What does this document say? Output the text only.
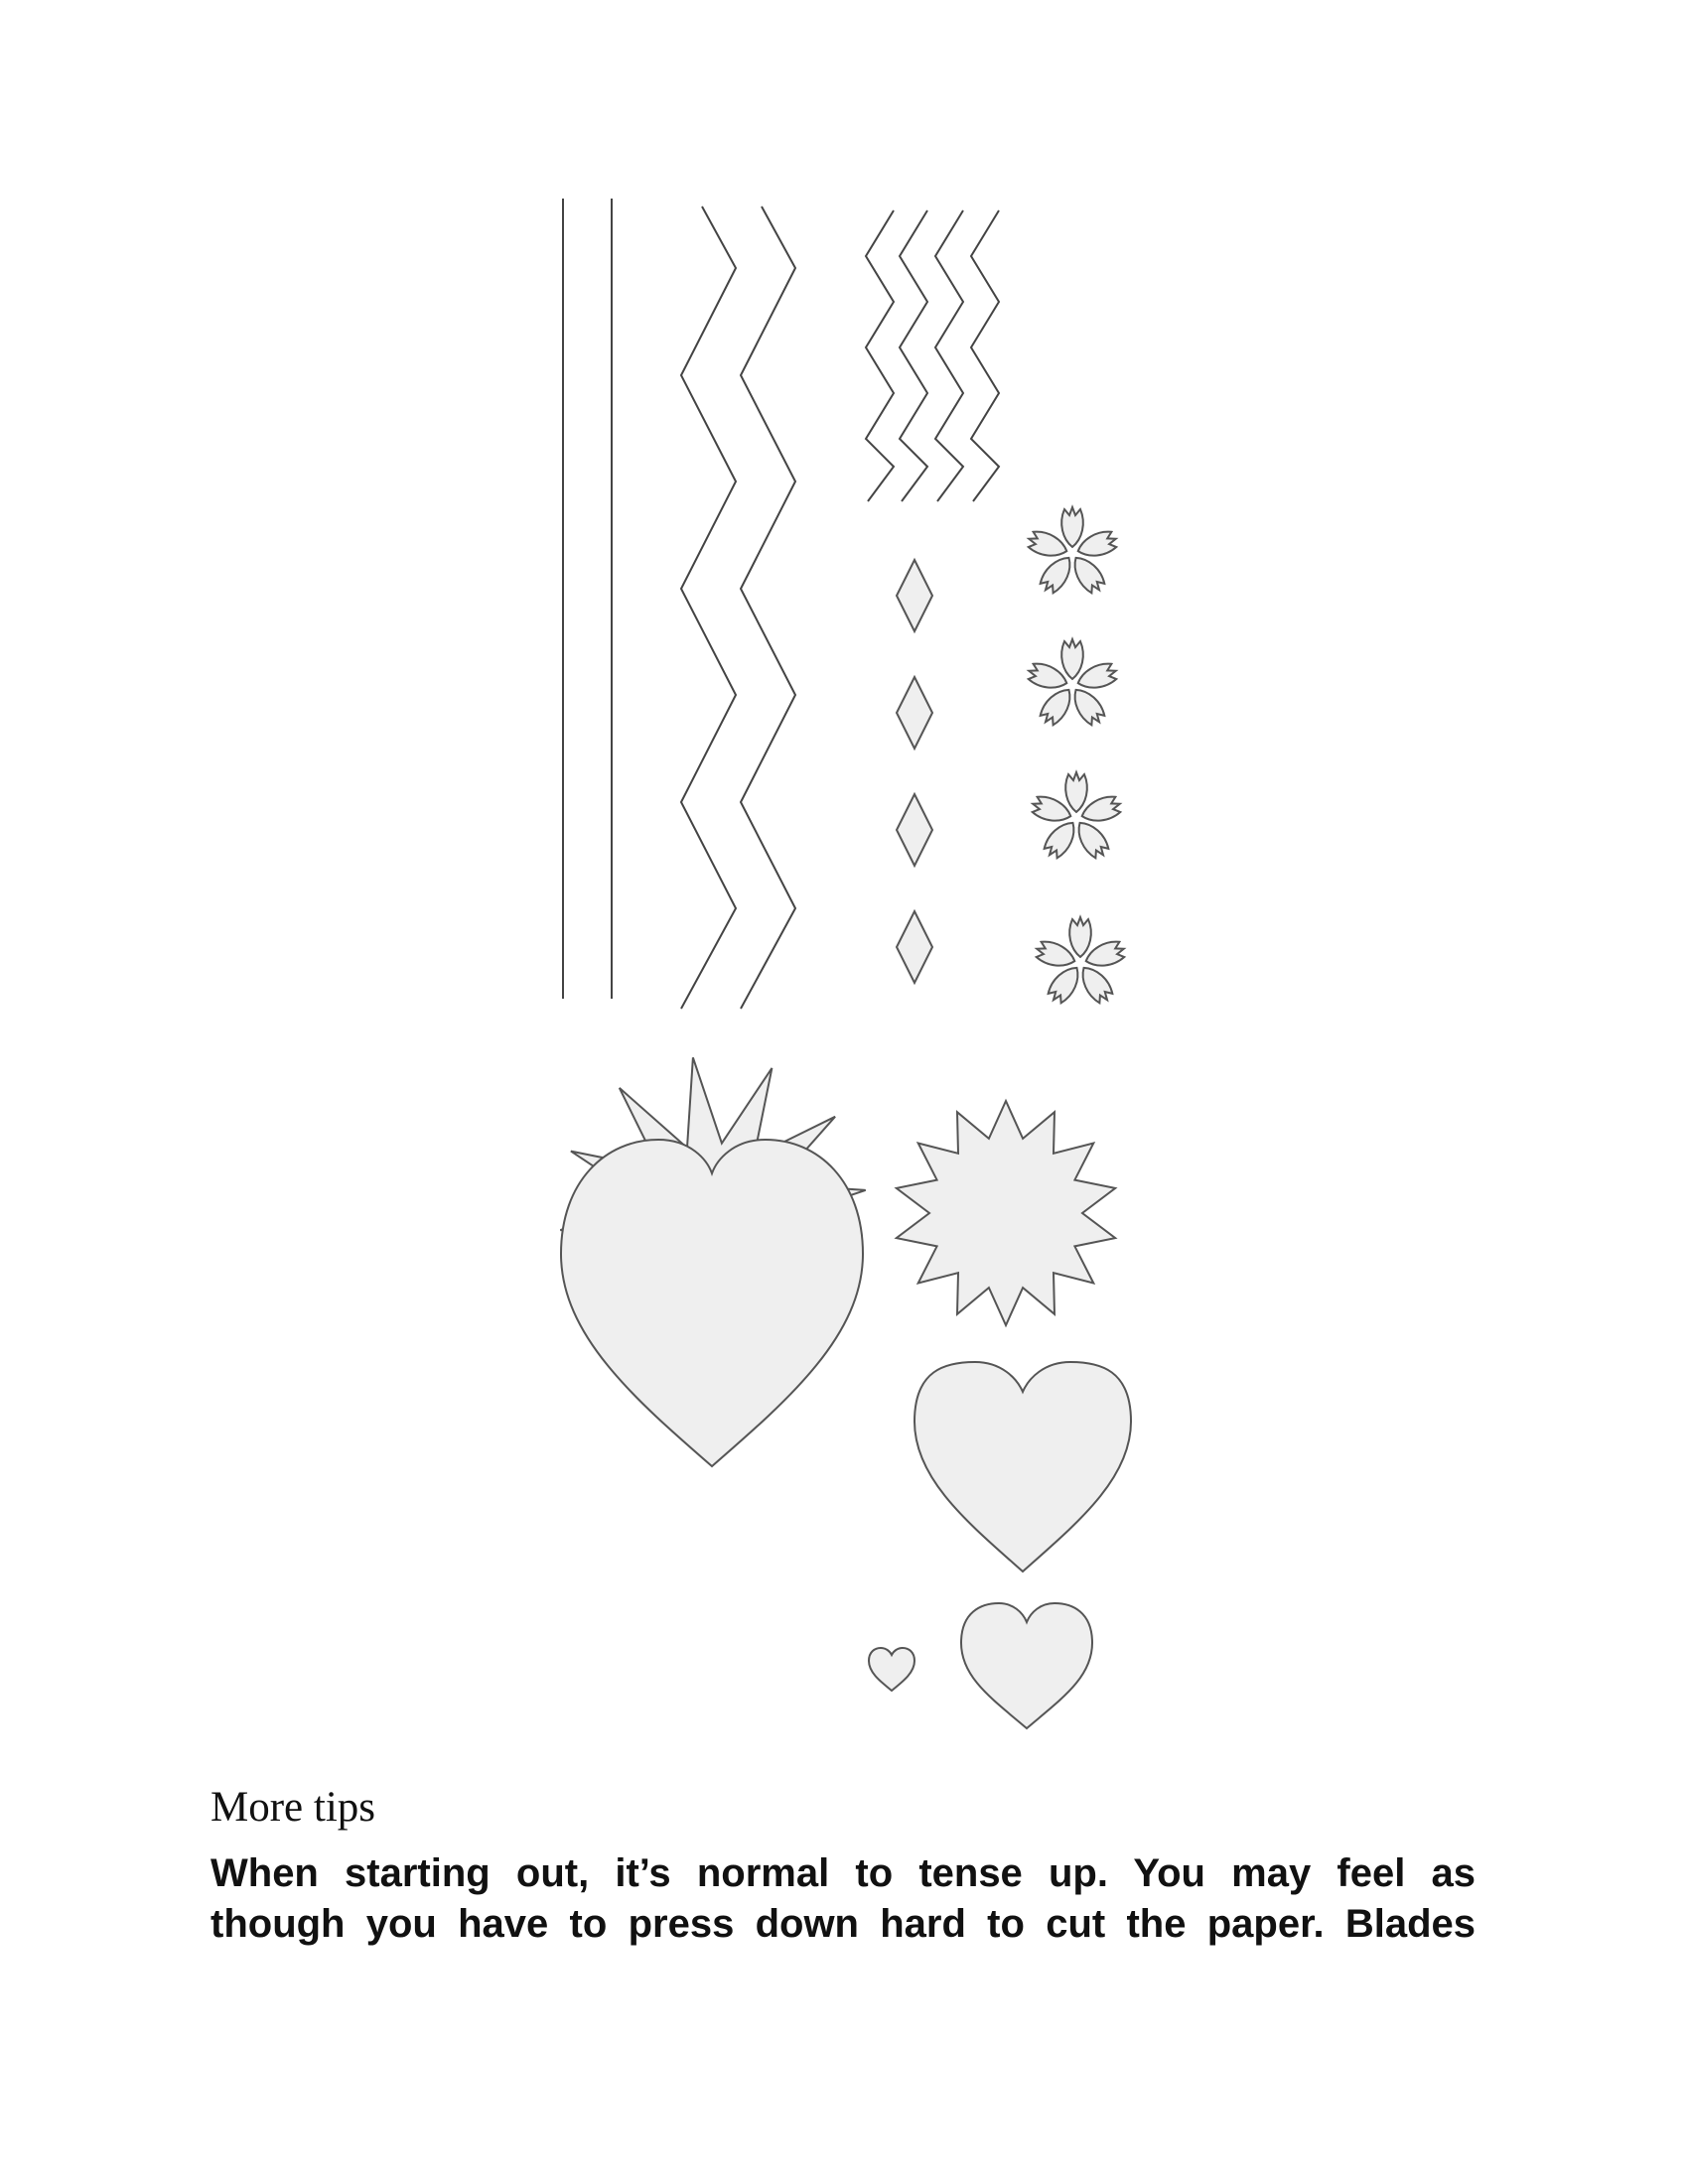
More tips
When starting out, it’s normal to tense up. You may feel as
though you have to press down hard to cut the paper. Blades
